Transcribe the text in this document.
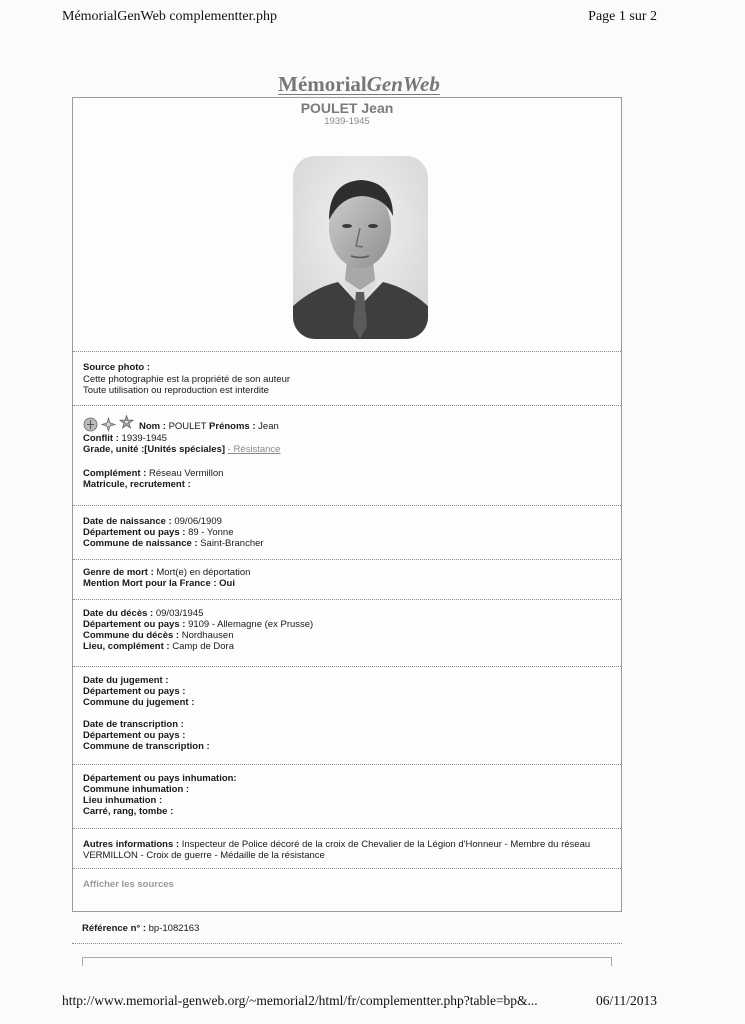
MémorialGenWeb complementter.php	Page 1 sur 2
MémorialGenWeb
POULET Jean
1939-1945
Source photo :
Cette photographie est la propriété de son auteur
Toute utilisation ou reproduction est interdite
Nom : POULET Prénoms : Jean
Conflit : 1939-1945
Grade, unité :[Unités spéciales] - Résistance
Complément : Réseau Vermillon
Matricule, recrutement :
Date de naissance : 09/06/1909
Département ou pays : 89 - Yonne
Commune de naissance : Saint-Brancher
Genre de mort : Mort(e) en déportation
Mention Mort pour la France : Oui
Date du décès : 09/03/1945
Département ou pays : 9109 - Allemagne (ex Prusse)
Commune du décès : Nordhausen
Lieu, complément : Camp de Dora
Date du jugement :
Département ou pays :
Commune du jugement :
Date de transcription :
Département ou pays :
Commune de transcription :
Département ou pays inhumation:
Commune inhumation :
Lieu inhumation :
Carré, rang, tombe :
Autres informations : Inspecteur de Police décoré de la croix de Chevalier de la Légion d'Honneur - Membre du réseau
VERMILLON - Croix de guerre - Médaille de la résistance
Afficher les sources
Référence n° : bp-1082163
http://www.memorial-genweb.org/~memorial2/html/fr/complementter.php?table=bp&...	06/11/2013
